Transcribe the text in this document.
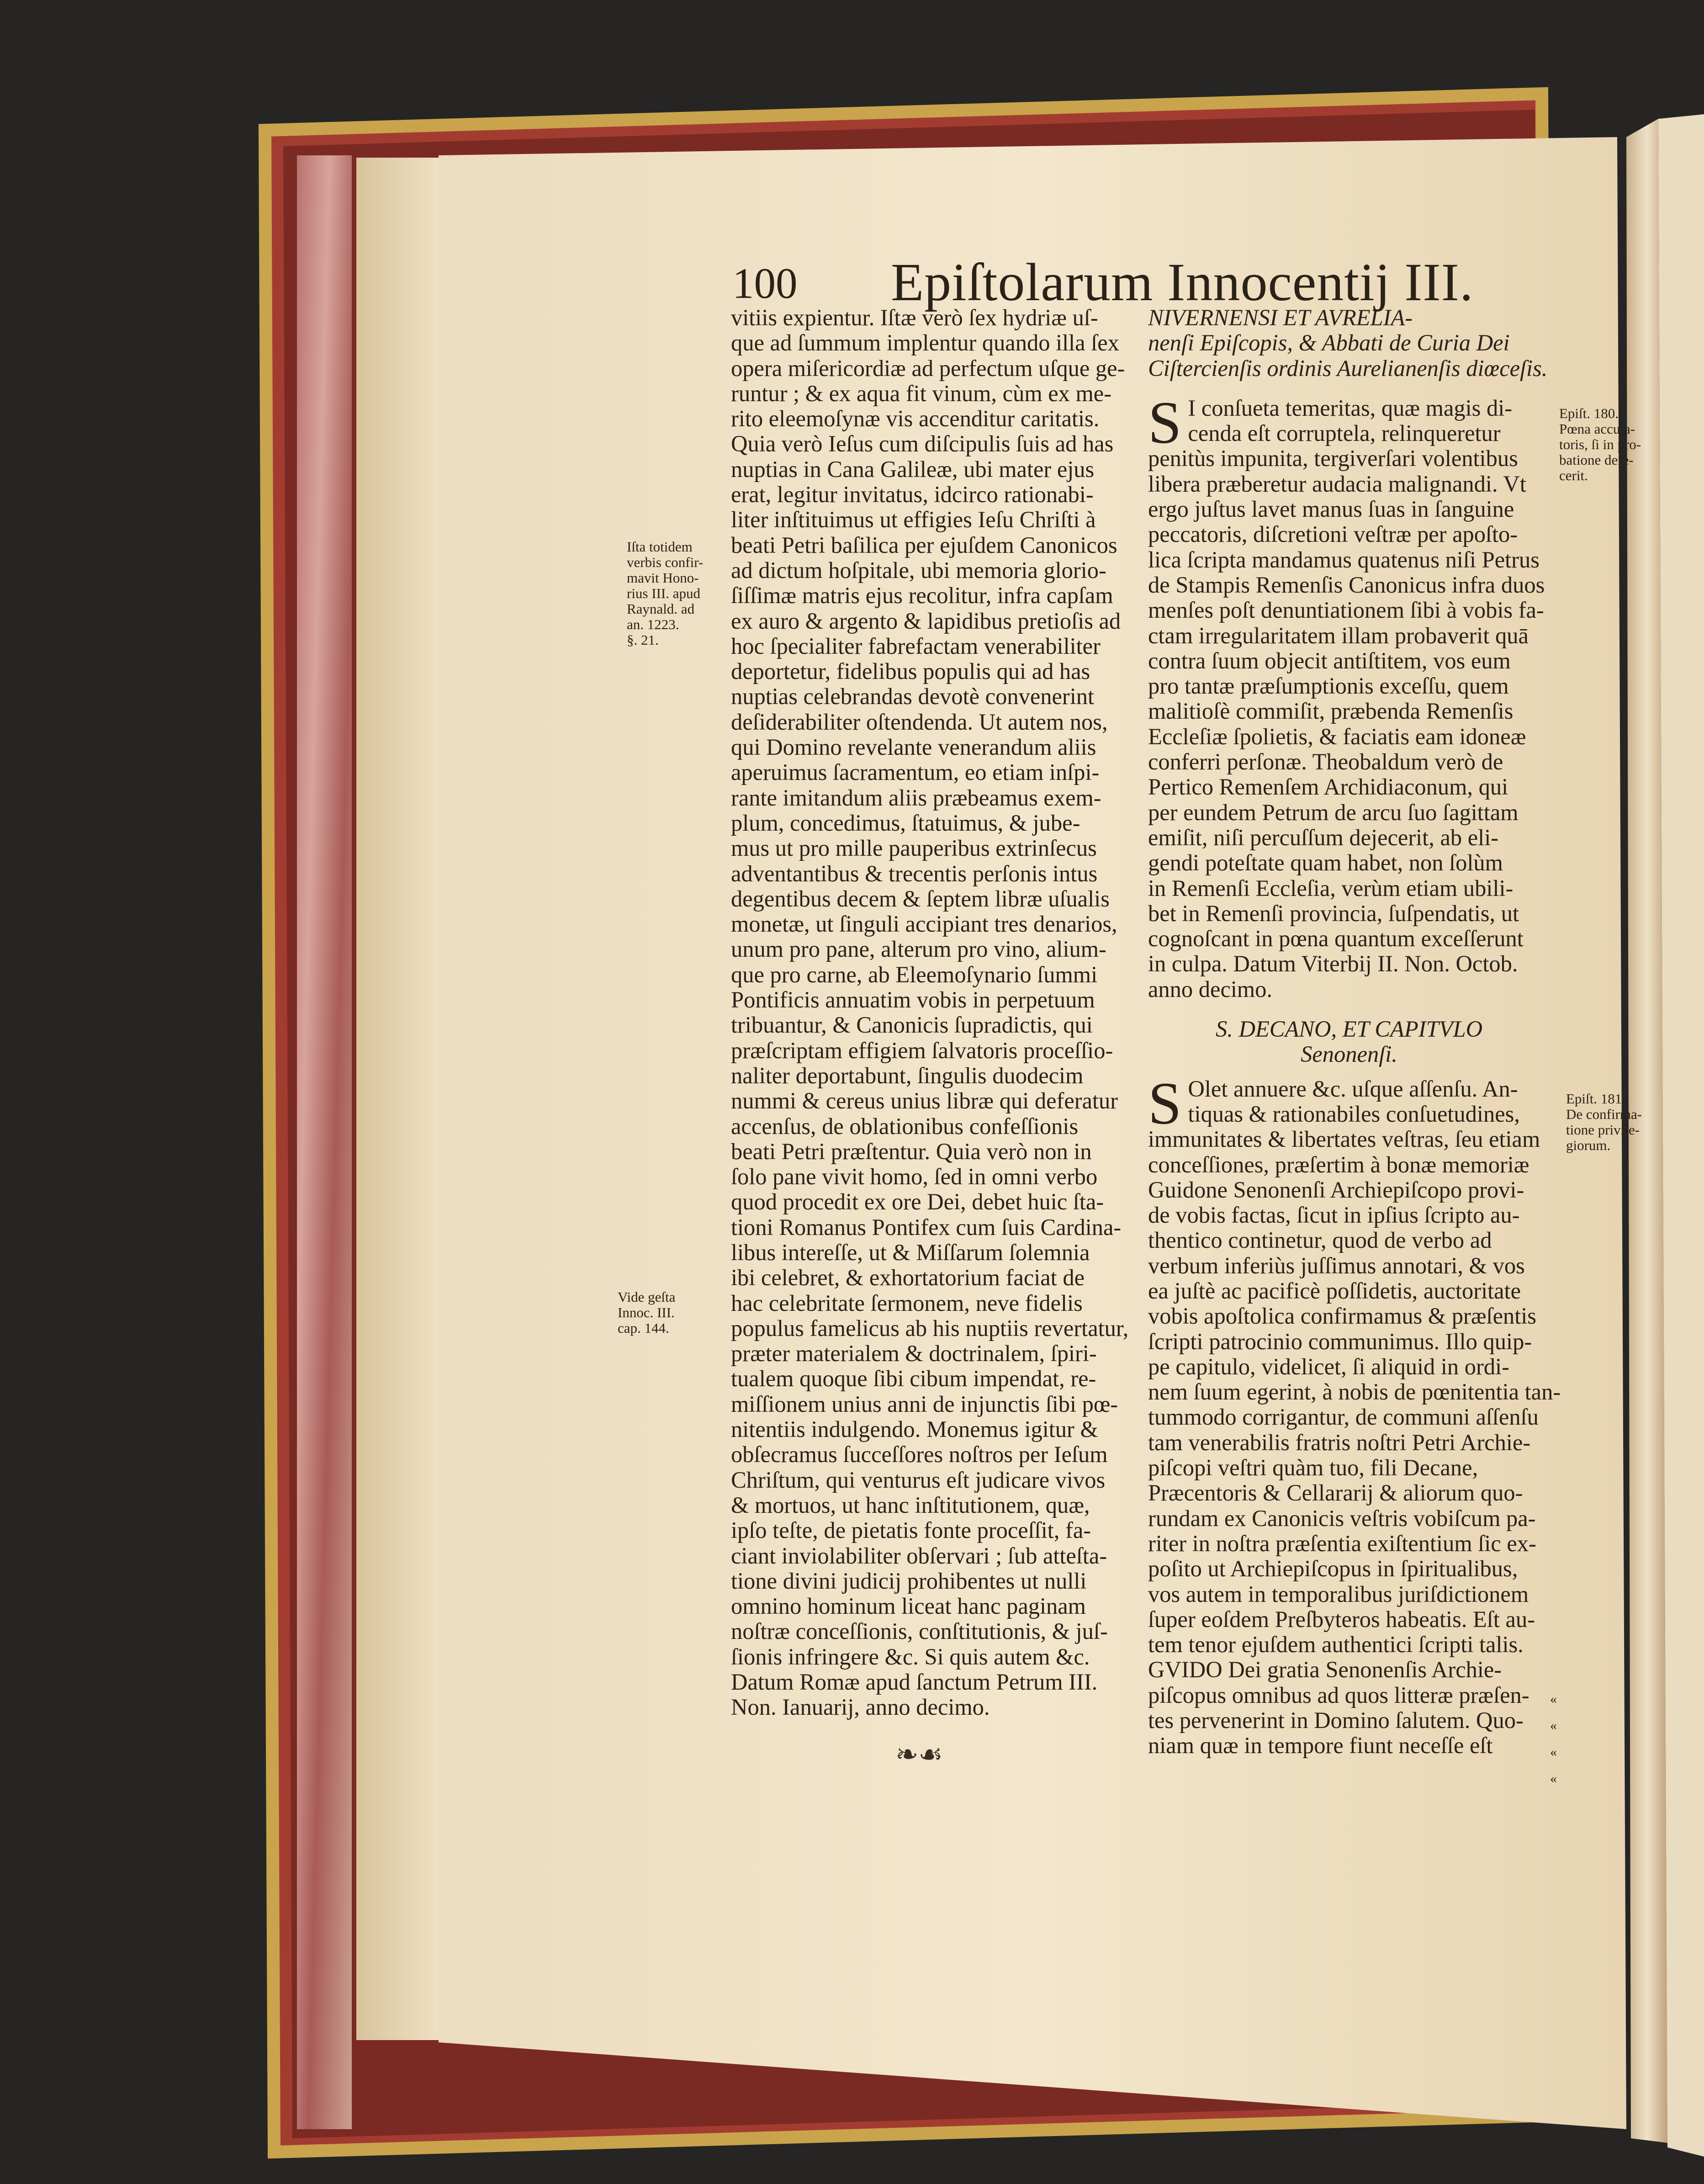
100 Epiſtolarum Innocentij III.
vitiis expientur. Iſtæ verò ſex hydriæ uſ-
que ad ſummum implentur quando illa ſex
opera miſericordiæ ad perfectum uſque ge-
runtur ; & ex aqua fit vinum, cùm ex me-
rito eleemoſynæ vis accenditur caritatis.
Quia verò Ieſus cum diſcipulis ſuis ad has
nuptias in Cana Galileæ, ubi mater ejus
erat, legitur invitatus, idcirco rationabi-
liter inſtituimus ut effigies Ieſu Chriſti à
beati Petri baſilica per ejuſdem Canonicos
ad dictum hoſpitale, ubi memoria glorio-
ſiſſimæ matris ejus recolitur, infra capſam
ex auro & argento & lapidibus pretioſis ad
hoc ſpecialiter fabrefactam venerabiliter
deportetur, fidelibus populis qui ad has
nuptias celebrandas devotè convenerint
deſiderabiliter oſtendenda. Ut autem nos,
qui Domino revelante venerandum aliis
aperuimus ſacramentum, eo etiam inſpi-
rante imitandum aliis præbeamus exem-
plum, concedimus, ſtatuimus, & jube-
mus ut pro mille pauperibus extrinſecus
adventantibus & trecentis perſonis intus
degentibus decem & ſeptem libræ uſualis
monetæ, ut ſinguli accipiant tres denarios,
unum pro pane, alterum pro vino, alium-
que pro carne, ab Eleemoſynario ſummi
Pontificis annuatim vobis in perpetuum
tribuantur, & Canonicis ſupradictis, qui
præſcriptam effigiem ſalvatoris proceſſio-
naliter deportabunt, ſingulis duodecim
nummi & cereus unius libræ qui deferatur
accenſus, de oblationibus confeſſionis
beati Petri præſtentur. Quia verò non in
ſolo pane vivit homo, ſed in omni verbo
quod procedit ex ore Dei, debet huic ſta-
tioni Romanus Pontifex cum ſuis Cardina-
libus intereſſe, ut & Miſſarum ſolemnia
ibi celebret, & exhortatorium faciat de
hac celebritate ſermonem, neve fidelis
populus famelicus ab his nuptiis revertatur,
præter materialem & doctrinalem, ſpiri-
tualem quoque ſibi cibum impendat, re-
miſſionem unius anni de injunctis ſibi pœ-
nitentiis indulgendo. Monemus igitur &
obſecramus ſucceſſores noſtros per Ieſum
Chriſtum, qui venturus eſt judicare vivos
& mortuos, ut hanc inſtitutionem, quæ,
ipſo teſte, de pietatis fonte proceſſit, fa-
ciant inviolabiliter obſervari ; ſub atteſta-
tione divini judicij prohibentes ut nulli
omnino hominum liceat hanc paginam
noſtræ conceſſionis, conſtitutionis, & juſ-
ſionis infringere &c. Si quis autem &c.
Datum Romæ apud ſanctum Petrum III.
Non. Ianuarij, anno decimo.
NIVERNENSI ET AVRELIA-
nenſi Epiſcopis, & Abbati de Curia Dei
Ciſtercienſis ordinis Aurelianenſis diœceſis.
S I conſueta temeritas, quæ magis di-
cenda eſt corruptela, relinqueretur
penitùs impunita, tergiverſari volentibus
libera præberetur audacia malignandi. Vt
ergo juſtus lavet manus ſuas in ſanguine
peccatoris, diſcretioni veſtræ per apoſto-
lica ſcripta mandamus quatenus niſi Petrus
de Stampis Remenſis Canonicus infra duos
menſes poſt denuntiationem ſibi à vobis fa-
ctam irregularitatem illam probaverit quā
contra ſuum objecit antiſtitem, vos eum
pro tantæ præſumptionis exceſſu, quem
malitioſè commiſit, præbenda Remenſis
Eccleſiæ ſpolietis, & faciatis eam idoneæ
conferri perſonæ. Theobaldum verò de
Pertico Remenſem Archidiaconum, qui
per eundem Petrum de arcu ſuo ſagittam
emiſit, niſi percuſſum dejecerit, ab eli-
gendi poteſtate quam habet, non ſolùm
in Remenſi Eccleſia, verùm etiam ubili-
bet in Remenſi provincia, ſuſpendatis, ut
cognoſcant in pœna quantum exceſſerunt
in culpa. Datum Viterbij II. Non. Octob.
anno decimo.
S. DECANO, ET CAPITVLO
Senonenſi.
S Olet annuere &c. uſque aſſenſu. An-
tiquas & rationabiles conſuetudines,
immunitates & libertates veſtras, ſeu etiam
conceſſiones, præſertim à bonæ memoriæ
Guidone Senonenſi Archiepiſcopo provi-
de vobis factas, ſicut in ipſius ſcripto au-
thentico continetur, quod de verbo ad
verbum inferiùs juſſimus annotari, & vos
ea juſtè ac pacificè poſſidetis, auctoritate
vobis apoſtolica confirmamus & præſentis
ſcripti patrocinio communimus. Illo quip-
pe capitulo, videlicet, ſi aliquid in ordi-
nem ſuum egerint, à nobis de pœnitentia tan-
tummodo corrigantur, de communi aſſenſu
tam venerabilis fratris noſtri Petri Archie-
piſcopi veſtri quàm tuo, fili Decane,
Præcentoris & Cellararij & aliorum quo-
rundam ex Canonicis veſtris vobiſcum pa-
riter in noſtra præſentia exiſtentium ſic ex-
poſito ut Archiepiſcopus in ſpiritualibus,
vos autem in temporalibus juriſdictionem
ſuper eoſdem Preſbyteros habeatis. Eſt au-
tem tenor ejuſdem authentici ſcripti talis.
GVIDO Dei gratia Senonenſis Archie-
piſcopus omnibus ad quos litteræ præſen-
tes pervenerint in Domino ſalutem. Quo-
niam quæ in tempore fiunt neceſſe eſt
Iſta totidem
verbis confir-
mavit Hono-
rius III. apud
Raynald. ad
an. 1223.
§. 21.
Vide geſta
Innoc. III.
cap. 144.
Epiſt. 180.
Pœna accuſa-
toris, ſi in pro-
batione defe-
cerit.
Epiſt. 181.
De confirma-
tione privile-
giorum.
«
«
«
«
❧☙
